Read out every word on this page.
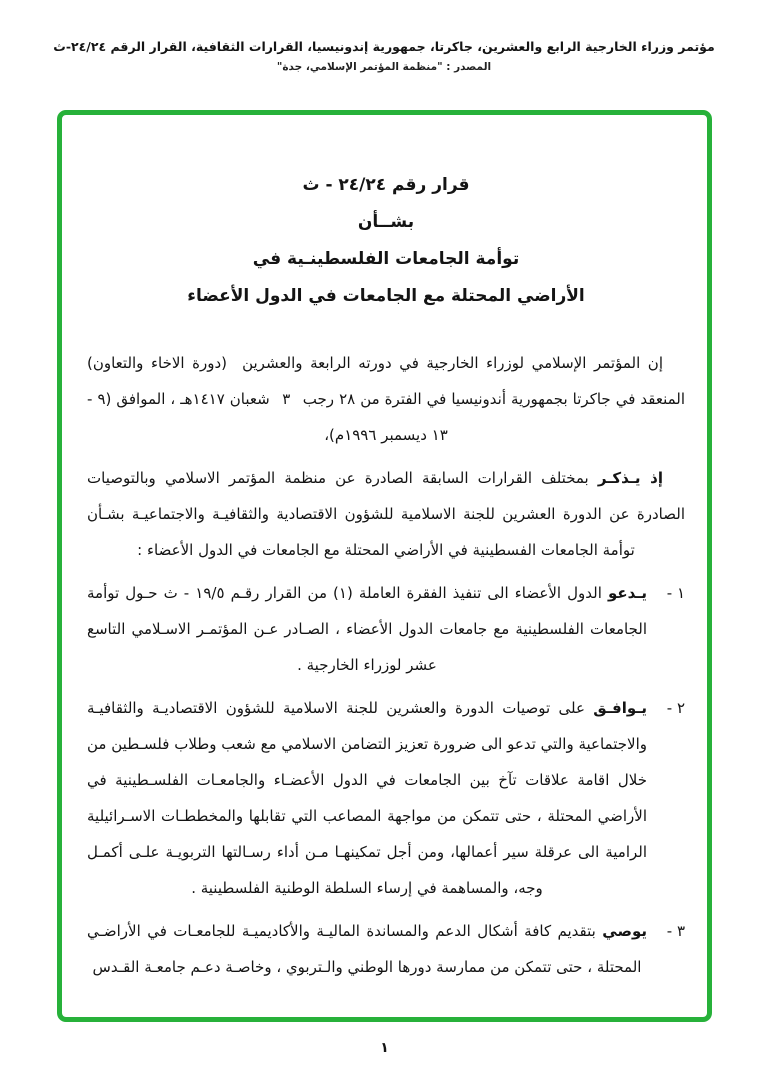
مؤتمر وزراء الخارجية الرابع والعشرين، جاكرتا، جمهورية إندونيسيا، القرارات الثقافية، القرار الرقم ٢٤/٢٤-ث
المصدر : "منظمة المؤتمر الإسلامي، جدة"
قرار رقم ٢٤/٢٤ - ث
بشــأن
توأمة الجامعات الفلسطينـية في
الأراضي المحتلة مع الجامعات في الدول الأعضاء

إن المؤتمر الإسلامي لوزراء الخارجية في دورته الرابعة والعشرين  (دورة الاخاء والتعاون) المنعقد في جاكرتا بجمهورية أندونيسيا في الفترة من ٢٨ رجب  ٣  شعبان ١٤١٧هـ ، الموافق (٩ - ١٣ ديسمبر ١٩٩٦م)،

إذ يـذكـر بمختلف القرارات السابقة الصادرة عن منظمة المؤتمر الاسلامي وبالتوصيات الصادرة عن الدورة العشرين للجنة الاسلامية للشؤون الاقتصادية والثقافيـة والاجتماعيـة بشـأن توأمة الجامعات الفسطينية في الأراضي المحتلة مع الجامعات في الدول الأعضاء :

١ -

يـدعو الدول الأعضاء الى تنفيذ الفقرة العاملة (١) من القرار رقـم ١٩/٥ - ث حـول توأمة الجامعات الفلسطينية مع جامعات الدول الأعضاء ، الصـادر عـن المؤتمـر الاسـلامي التاسع عشر لوزراء الخارجية .

٢ -

يـوافـق على توصيات الدورة والعشرين للجنة الاسلامية للشؤون الاقتصاديـة والثقافيـة والاجتماعية والتي تدعو الى ضرورة تعزيز التضامن الاسلامي مع شعب وطلاب فلسـطين من خلال اقامة علاقات تآخ بين الجامعات في الدول الأعضـاء والجامعـات الفلسـطينية في الأراضي المحتلة ، حتى تتمكن من مواجهة المصاعب التي تقابلها والمخططـات الاسـرائيلية الرامية الى عرقلة سير أعمالها، ومن أجل تمكينهـا مـن أداء رسـالتها التربويـة علـى أكمـل وجه، والمساهمة في إرساء السلطة الوطنية الفلسطينية .

٣ -

يوصي بتقديم كافة أشكال الدعم والمساندة الماليـة والأكاديميـة للجامعـات في الأراضـي المحتلة ، حتى تتمكن من ممارسة دورها الوطني والـتربوي ، وخاصـة دعـم جامعـة القـدس

١
